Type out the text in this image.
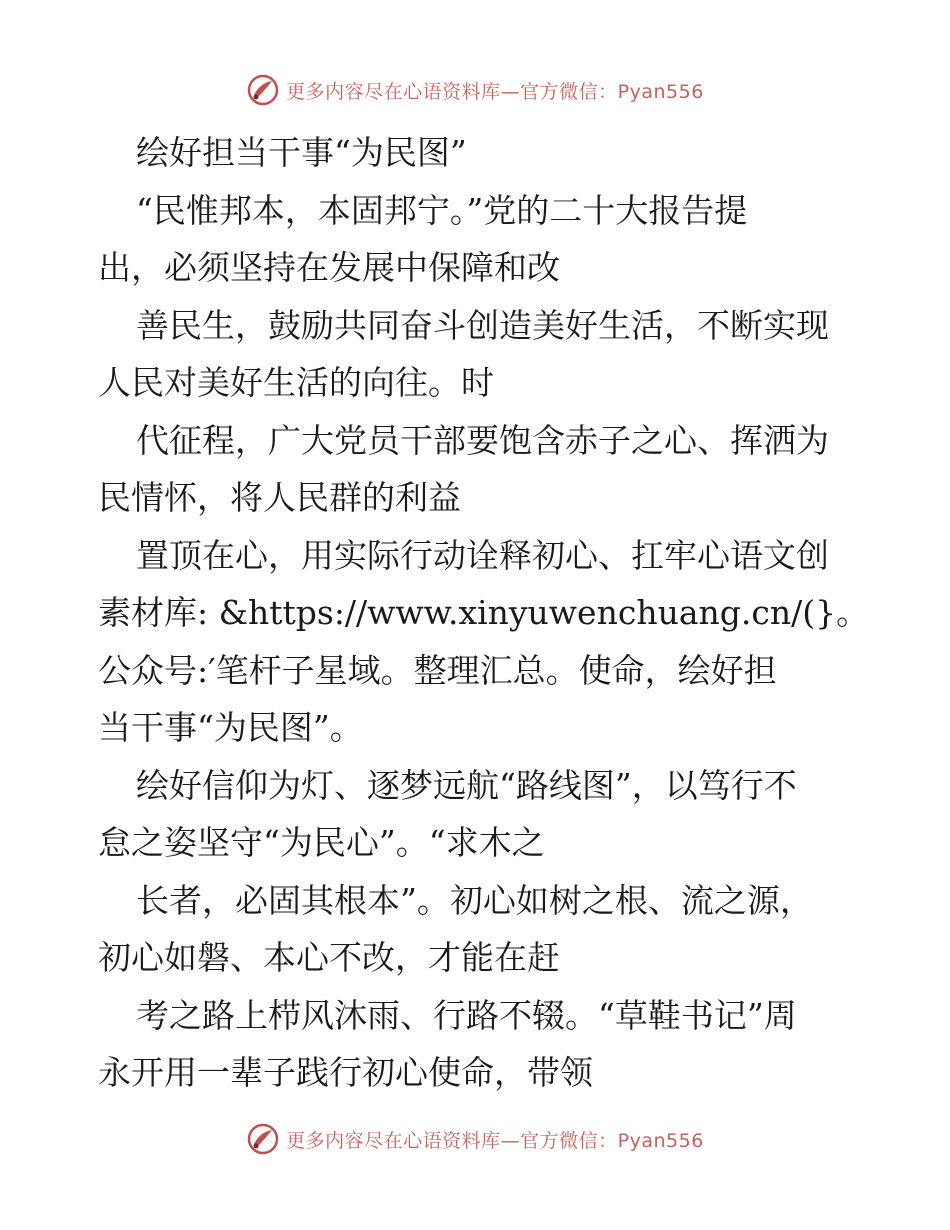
更多内容尽在心语资料库—官方微信：Pyan556
绘好担当干事“为民图”
“民惟邦本，本固邦宁。”党的二十大报告提
出，必须坚持在发展中保障和改
善民生，鼓励共同奋斗创造美好生活，不断实现
人民对美好生活的向往。时
代征程，广大党员干部要饱含赤子之心、挥洒为
民情怀，将人民群的利益
置顶在心，用实际行动诠释初心、扛牢心语文创
素材库: &https://www.xinyuwenchuang.cn/(}。
公众号:′笔杆子星域。整理汇总。使命，绘好担
当干事“为民图”。
绘好信仰为灯、逐梦远航“路线图”，以笃行不
怠之姿坚守“为民心”。“求木之
长者，必固其根本”。初心如树之根、流之源，
初心如磐、本心不改，才能在赶
考之路上栉风沐雨、行路不辍。“草鞋书记”周
永开用一辈子践行初心使命，带领
更多内容尽在心语资料库—官方微信：Pyan556
